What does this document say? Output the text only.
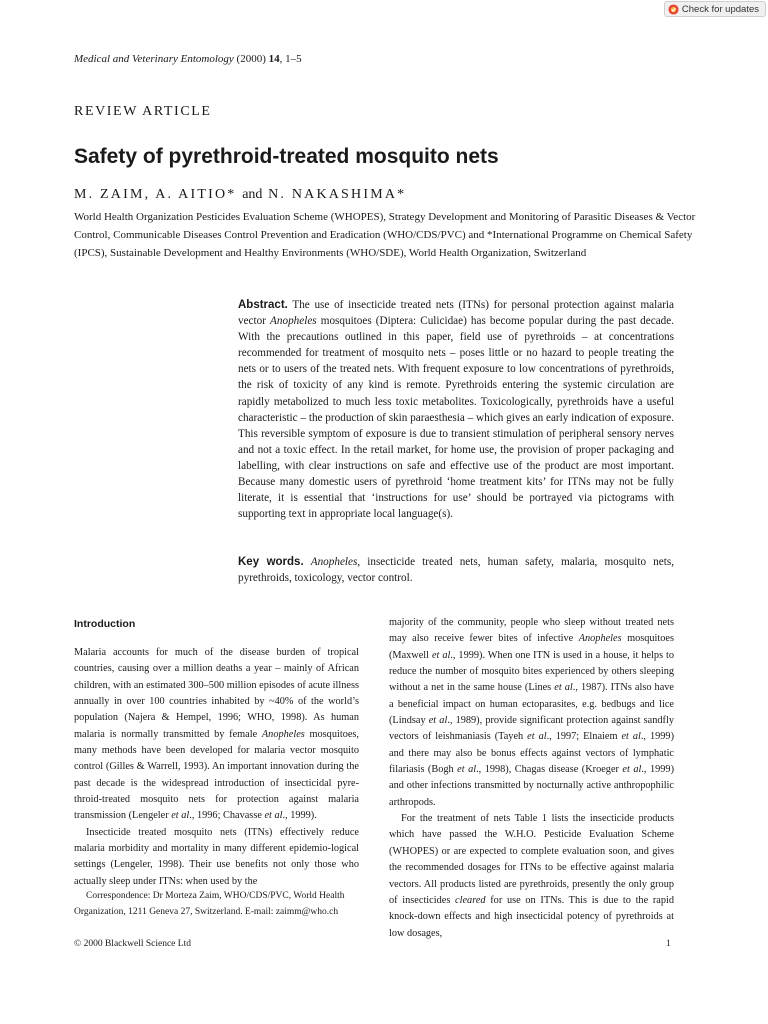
Check for updates
Medical and Veterinary Entomology (2000) 14, 1–5
REVIEW ARTICLE
Safety of pyrethroid-treated mosquito nets
M. ZAIM, A. AITIO* and N. NAKASHIMA*
World Health Organization Pesticides Evaluation Scheme (WHOPES), Strategy Development and Monitoring of Parasitic Diseases & Vector Control, Communicable Diseases Control Prevention and Eradication (WHO/CDS/PVC) and *International Programme on Chemical Safety (IPCS), Sustainable Development and Healthy Environments (WHO/SDE), World Health Organization, Switzerland
Abstract. The use of insecticide treated nets (ITNs) for personal protection against malaria vector Anopheles mosquitoes (Diptera: Culicidae) has become popular during the past decade. With the precautions outlined in this paper, field use of pyrethroids – at concentrations recommended for treatment of mosquito nets – poses little or no hazard to people treating the nets or to users of the treated nets. With frequent exposure to low concentrations of pyrethroids, the risk of toxicity of any kind is remote. Pyrethroids entering the systemic circulation are rapidly metabolized to much less toxic metabolites. Toxicologically, pyrethroids have a useful characteristic – the production of skin paraesthesia – which gives an early indication of exposure. This reversible symptom of exposure is due to transient stimulation of peripheral sensory nerves and not a toxic effect. In the retail market, for home use, the provision of proper packaging and labelling, with clear instructions on safe and effective use of the product are most important. Because many domestic users of pyrethroid ‘home treatment kits’ for ITNs may not be fully literate, it is essential that ‘instructions for use’ should be portrayed via pictograms with supporting text in appropriate local language(s).
Key words. Anopheles, insecticide treated nets, human safety, malaria, mosquito nets, pyrethroids, toxicology, vector control.
Introduction

Malaria accounts for much of the disease burden of tropical countries, causing over a million deaths a year – mainly of African children, with an estimated 300–500 million episodes of acute illness annually in over 100 countries inhabited by ~40% of the world’s population (Najera & Hempel, 1996; WHO, 1998). As human malaria is normally transmitted by female Anopheles mosquitoes, many methods have been developed for malaria vector mosquito control (Gilles & Warrell, 1993). An important innovation during the past decade is the widespread introduction of insecticidal pyre-throid-treated mosquito nets for protection against malaria transmission (Lengeler et al., 1996; Chavasse et al., 1999).

Insecticide treated mosquito nets (ITNs) effectively reduce malaria morbidity and mortality in many different epidemio-logical settings (Lengeler, 1998). Their use benefits not only those who actually sleep under ITNs: when used by the

majority of the community, people who sleep without treated nets may also receive fewer bites of infective Anopheles mosquitoes (Maxwell et al., 1999). When one ITN is used in a house, it helps to reduce the number of mosquito bites experienced by others sleeping without a net in the same house (Lines et al., 1987). ITNs also have a beneficial impact on human ectoparasites, e.g. bedbugs and lice (Lindsay et al., 1989), provide significant protection against sandfly vectors of leishmaniasis (Tayeh et al., 1997; Elnaiem et al., 1999) and there may also be bonus effects against vectors of lymphatic filariasis (Bogh et al., 1998), Chagas disease (Kroeger et al., 1999) and other infections transmitted by nocturnally active anthropophilic arthropods.

For the treatment of nets Table 1 lists the insecticide products which have passed the W.H.O. Pesticide Evaluation Scheme (WHOPES) or are expected to complete evaluation soon, and gives the recommended dosages for ITNs to be effective against malaria vectors. All products listed are pyrethroids, presently the only group of insecticides cleared for use on ITNs. This is due to the rapid knock-down effects and high insecticidal potency of pyrethroids at low dosages,

Correspondence: Dr Morteza Zaim, WHO/CDS/PVC, World Health Organization, 1211 Geneva 27, Switzerland. E-mail: zaimm@who.ch

© 2000 Blackwell Science Ltd	1
